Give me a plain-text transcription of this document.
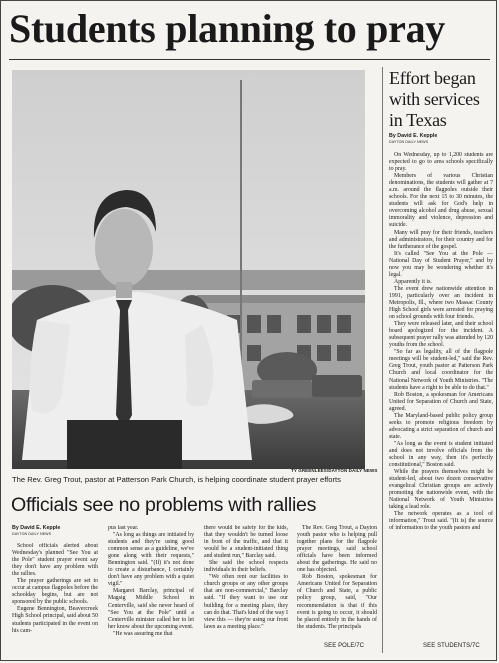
Students planning to pray
TY GREENLEES/DAYTON DAILY NEWS
The Rev. Greg Trout, pastor at Patterson Park Church, is helping coordinate student prayer efforts
Effort began with services in Texas
By David E. Kepple
DAYTON DAILY NEWS

On Wednesday, up to 1,200 students are expected to go to area schools specifically to pray.

Members of various Christian denominations, the students will gather at 7 a.m. around the flagpoles outside their schools. For the next 15 to 30 minutes, the students will ask for God's help in overcoming alcohol and drug abuse, sexual immorality and violence, depression and suicide.

Many will pray for their friends, teachers and administrators, for their country and for the furtherance of the gospel.

It's called "See You at the Pole — National Day of Student Prayer," and by now you may be wondering whether it's legal.

Apparently it is.

The event drew nationwide attention in 1991, particularly over an incident in Metropolis, Ill., where two Massac County High School girls were arrested for praying on school grounds with four friends.

They were released later, and their school board apologized for the incident. A subsequent prayer rally was attended by 120 youths from the school.

"So far as legality, all of the flagpole meetings will be student-led," said the Rev. Greg Trout, youth pastor at Patterson Park Church and local coordinator for the National Network of Youth Ministries. "The students have a right to be able to do that."

Rob Boston, a spokesman for Americans United for Separation of Church and State, agreed.

The Maryland-based public policy group seeks to promote religious freedom by advocating a strict separation of church and state.

"As long as the event is student initiated and does not involve officials from the school in any way, then it's perfectly constitutional," Boston said.

While the prayers themselves might be student-led, about two dozen conservative evangelical Christian groups are actively promoting the nationwide event, with the National Network of Youth Ministries taking a lead role.

The network operates as a tool of information," Trout said. "(It is) the source of information to the youth pastors and

SEE STUDENTS/7C
Officials see no problems with rallies
By David E. Kepple
DAYTON DAILY NEWS

School officials alerted about Wednesday's planned "See You at the Pole" student prayer event say they don't have any problem with the rallies.

The prayer gatherings are set to occur at campus flagpoles before the schoolday begins, but are not sponsored by the public schools.

Eugene Bennington, Beavercreek High School principal, said about 50 students participated in the event on his cam-

pus last year.

"As long as things are initiated by students and they're using good common sense as a guideline, we've gone along with their requests," Bennington said. "(If) it's not done to create a disturbance, I certainly don't have any problem with a quiet vigil."

Margaret Barclay, principal of Magsig Middle School in Centerville, said she never heard of "See You at the Pole" until a Centerville minister called her to let her know about the upcoming event.

"He was assuring me that

there would be safety for the kids, that they wouldn't be turned loose in front of the traffic, and that it would be a student-initiated thing and student run," Barclay said.

She said the school respects individuals in their beliefs.

"We often rent our facilities to church groups or any other groups that are non-commercial," Barclay said. "If they want to use our building for a meeting place, they can do that. That's kind of the way I view this — they're using our front lawn as a meeting place."

The Rev. Greg Trout, a Dayton youth pastor who is helping pull together plans for the flagpole prayer meetings, said school officials have been informed about the gatherings. He said no one has objected.

Rob Boston, spokesman for Americans United for Separation of Church and State, a public policy group, said, "Our recommendation is that if this event is going to occur, it should be placed entirely in the hands of the students. The principals

SEE POLE/7C
